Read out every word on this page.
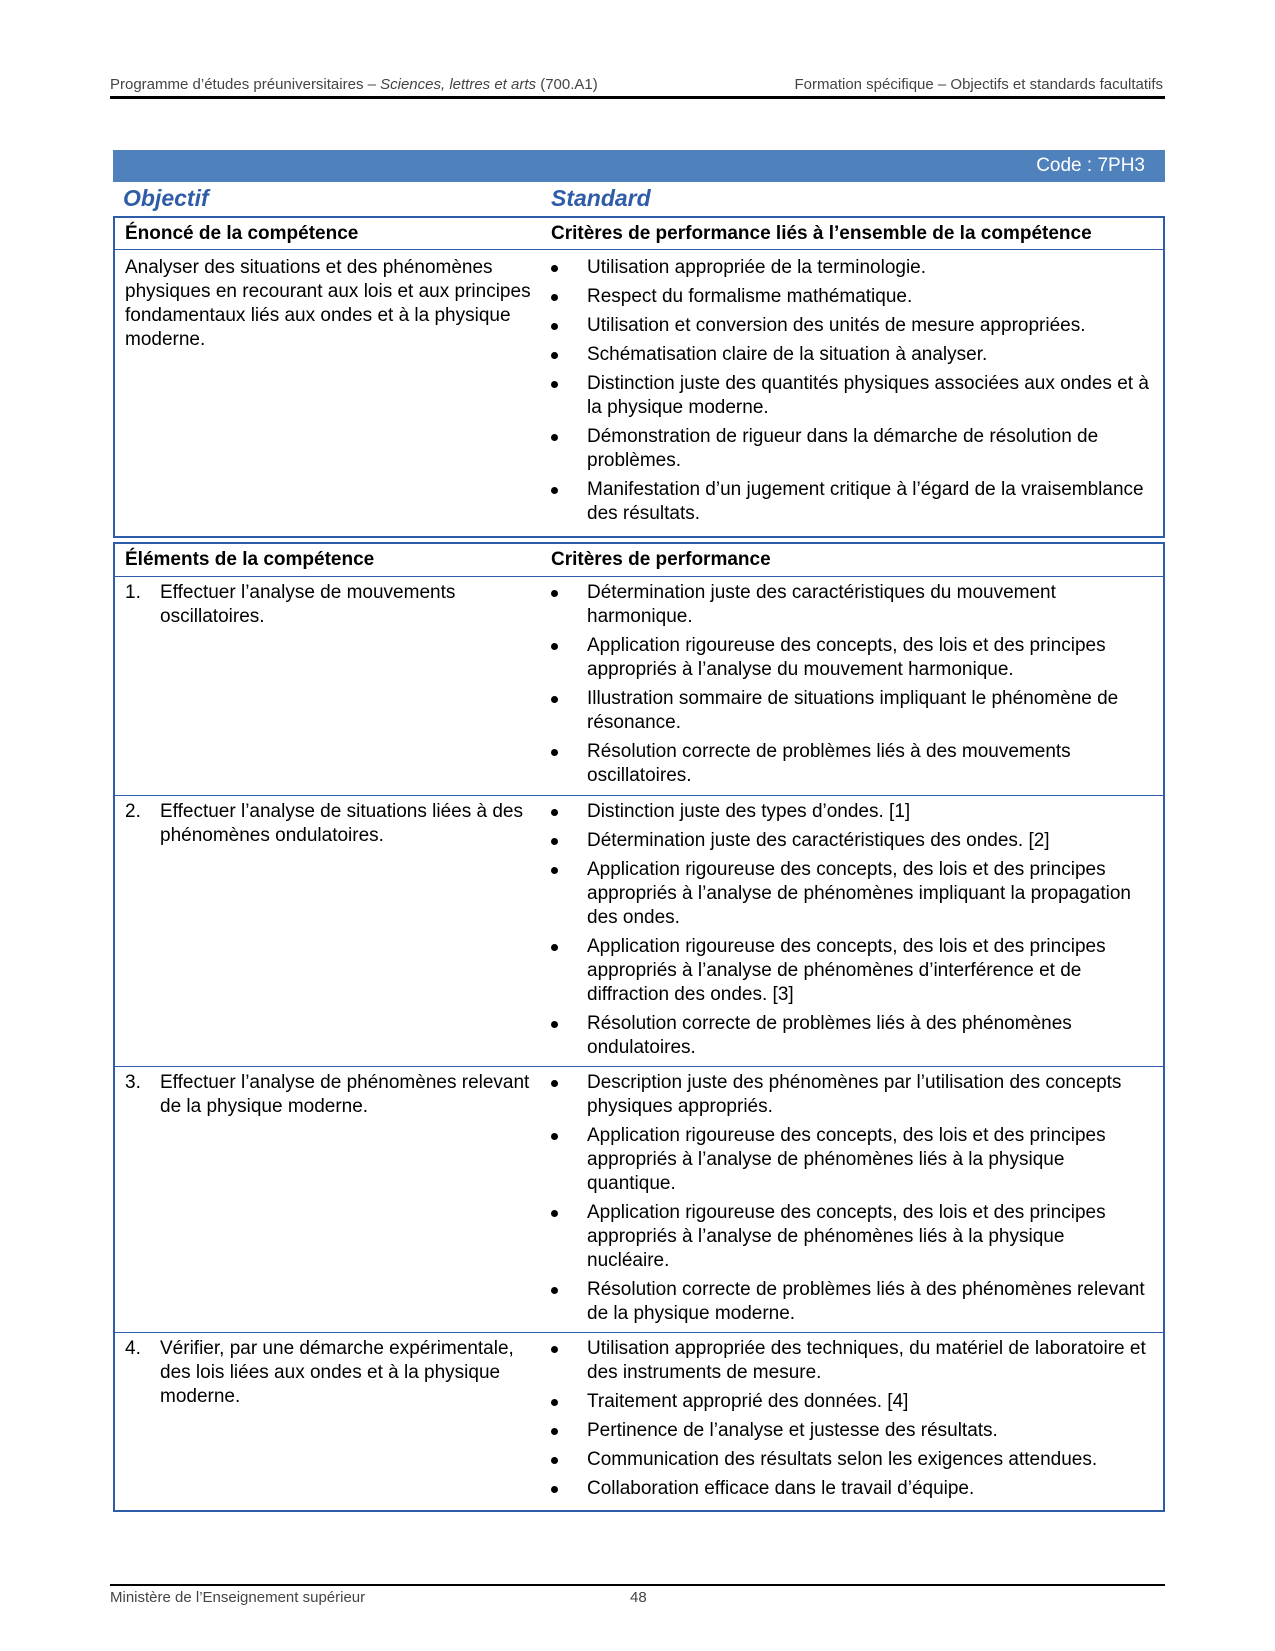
Programme d’études préuniversitaires – Sciences, lettres et arts (700.A1)	Formation spécifique – Objectifs et standards facultatifs
Code : 7PH3
Objectif	Standard
Énoncé de la compétence	Critères de performance liés à l’ensemble de la compétence
Analyser des situations et des phénomènes physiques en recourant aux lois et aux principes fondamentaux liés aux ondes et à la physique moderne.
Utilisation appropriée de la terminologie.
Respect du formalisme mathématique.
Utilisation et conversion des unités de mesure appropriées.
Schématisation claire de la situation à analyser.
Distinction juste des quantités physiques associées aux ondes et à la physique moderne.
Démonstration de rigueur dans la démarche de résolution de problèmes.
Manifestation d’un jugement critique à l’égard de la vraisemblance des résultats.
Éléments de la compétence	Critères de performance
1.	Effectuer l’analyse de mouvements oscillatoires.
Détermination juste des caractéristiques du mouvement harmonique.
Application rigoureuse des concepts, des lois et des principes appropriés à l’analyse du mouvement harmonique.
Illustration sommaire de situations impliquant le phénomène de résonance.
Résolution correcte de problèmes liés à des mouvements oscillatoires.
2.	Effectuer l’analyse de situations liées à des phénomènes ondulatoires.
Distinction juste des types d’ondes. [1]
Détermination juste des caractéristiques des ondes. [2]
Application rigoureuse des concepts, des lois et des principes appropriés à l’analyse de phénomènes impliquant la propagation des ondes.
Application rigoureuse des concepts, des lois et des principes appropriés à l’analyse de phénomènes d’interférence et de diffraction des ondes. [3]
Résolution correcte de problèmes liés à des phénomènes ondulatoires.
3.	Effectuer l’analyse de phénomènes relevant de la physique moderne.
Description juste des phénomènes par l’utilisation des concepts physiques appropriés.
Application rigoureuse des concepts, des lois et des principes appropriés à l’analyse de phénomènes liés à la physique quantique.
Application rigoureuse des concepts, des lois et des principes appropriés à l’analyse de phénomènes liés à la physique nucléaire.
Résolution correcte de problèmes liés à des phénomènes relevant de la physique moderne.
4.	Vérifier, par une démarche expérimentale, des lois liées aux ondes et à la physique moderne.
Utilisation appropriée des techniques, du matériel de laboratoire et des instruments de mesure.
Traitement approprié des données. [4]
Pertinence de l’analyse et justesse des résultats.
Communication des résultats selon les exigences attendues.
Collaboration efficace dans le travail d’équipe.
Ministère de l’Enseignement supérieur	48
